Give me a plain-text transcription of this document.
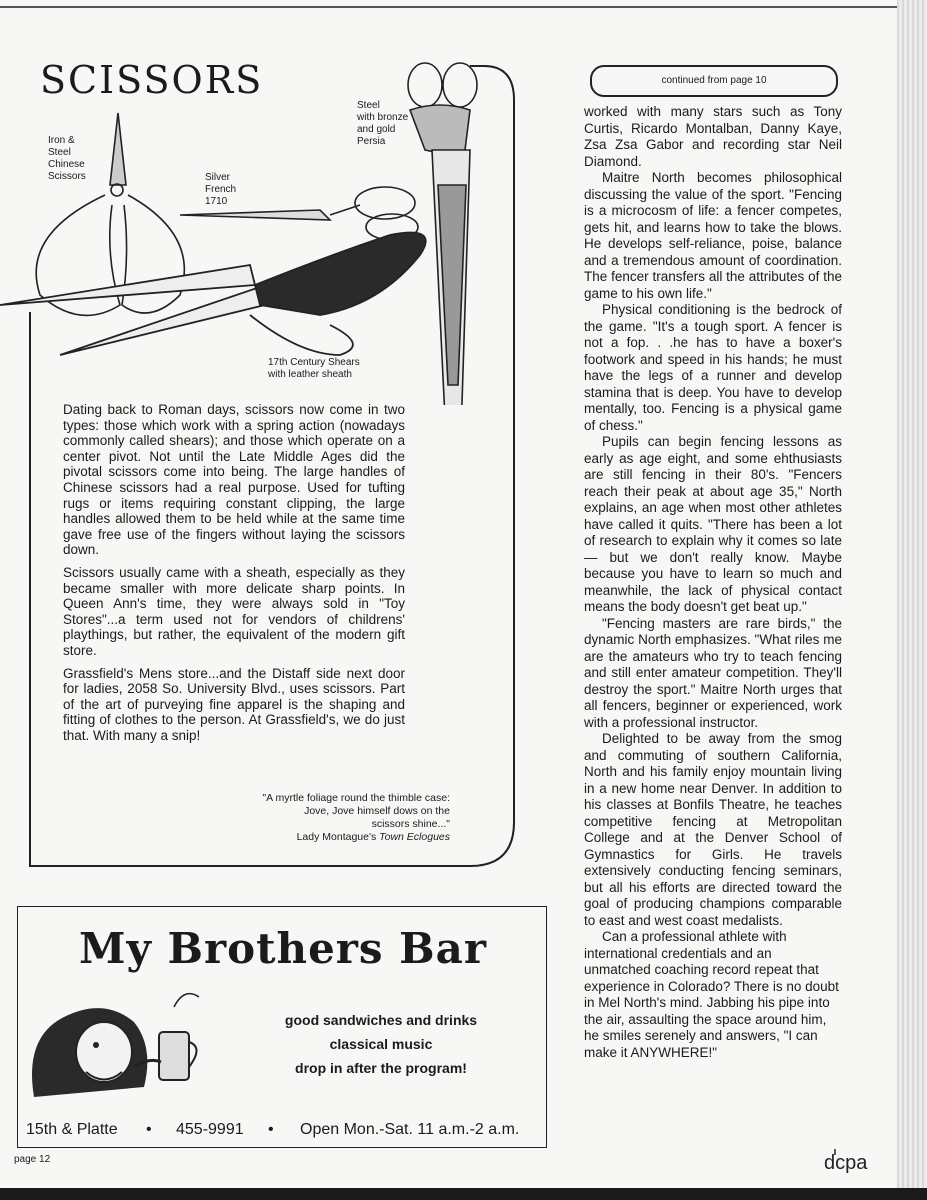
SCISSORS
Iron &
Steel
Chinese
Scissors	Silver
French
1710
Steel
with bronze
and gold
Persia
17th Century Shears
with leather sheath

Dating back to Roman days, scissors now come in two types: those which work with a spring action (nowadays commonly called shears); and those which operate on a center pivot. Not until the Late Middle Ages did the pivotal scissors come into being. The large handles of Chinese scissors had a real purpose. Used for tufting rugs or items requiring constant clipping, the large handles allowed them to be held while at the same time gave free use of the fingers without laying the scissors down.

Scissors usually came with a sheath, especially as they became smaller with more delicate sharp points. In Queen Ann's time, they were always sold in "Toy Stores"...a term used not for vendors of childrens' playthings, but rather, the equivalent of the modern gift store.

Grassfield's Mens store...and the Distaff side next door for ladies, 2058 So. University Blvd., uses scissors. Part of the art of purveying fine apparel is the shaping and fitting of clothes to the person. At Grassfield's, we do just that. With many a snip!

"A myrtle foliage round the thimble case:
Jove, Jove himself dows on the
scissors shine..."
Lady Montague's Town Eclogues
continued from page 10

worked with many stars such as Tony Curtis, Ricardo Montalban, Danny Kaye, Zsa Zsa Gabor and recording star Neil Diamond.

Maitre North becomes philosophical discussing the value of the sport. "Fencing is a microcosm of life: a fencer competes, gets hit, and learns how to take the blows. He develops self-reliance, poise, balance and a tremendous amount of coordination. The fencer transfers all the attributes of the game to his own life."

Physical conditioning is the bedrock of the game. "It's a tough sport. A fencer is not a fop. . .he has to have a boxer's footwork and speed in his hands; he must have the legs of a runner and develop stamina that is deep. You have to develop mentally, too. Fencing is a physical game of chess."

Pupils can begin fencing lessons as early as age eight, and some ehthusiasts are still fencing in their 80's. "Fencers reach their peak at about age 35," North explains, an age when most other athletes have called it quits. "There has been a lot of research to explain why it comes so late — but we don't really know. Maybe because you have to learn so much and meanwhile, the lack of physical contact means the body doesn't get beat up."

"Fencing masters are rare birds," the dynamic North emphasizes. "What riles me are the amateurs who try to teach fencing and still enter amateur competition. They'll destroy the sport." Maitre North urges that all fencers, beginner or experienced, work with a professional instructor.

Delighted to be away from the smog and commuting of southern California, North and his family enjoy mountain living in a new home near Denver. In addition to his classes at Bonfils Theatre, he teaches competitive fencing at Metropolitan College and at the Denver School of Gymnastics for Girls. He travels extensively conducting fencing seminars, but all his efforts are directed toward the goal of producing champions comparable to east and west coast medalists.

Can a professional athlete with international credentials and an unmatched coaching record repeat that experience in Colorado? There is no doubt in Mel North's mind. Jabbing his pipe into the air, assaulting the space around him, he smiles serenely and answers, "I can make it ANYWHERE!"

My Brothers Bar
good sandwiches and drinks
classical music
drop in after the program!
15th & Platte • 455-9991 • Open Mon.-Sat. 11 a.m.-2 a.m.
page 12	dcpa
